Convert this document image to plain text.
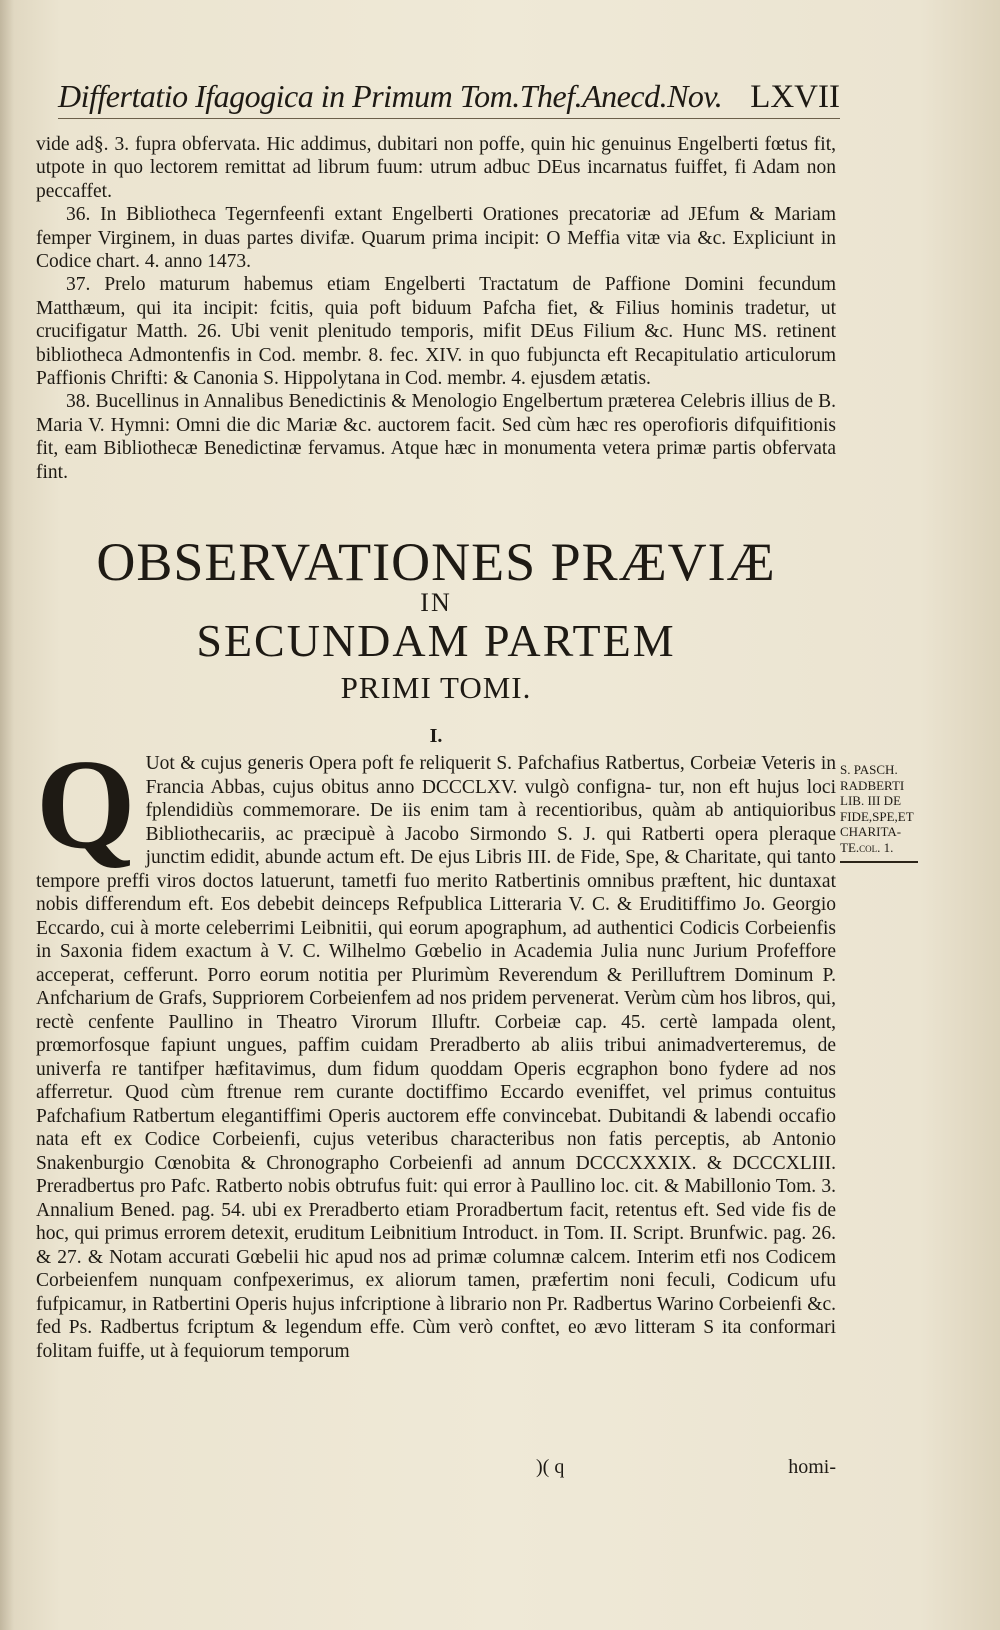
Differtatio Ifagogica in Primum Tom.Thef.Anecd.Nov. LXVII

vide ad§. 3. fupra obfervata. Hic addimus, dubitari non poffe, quin hic genuinus Engelberti fœtus fit, utpote in quo lectorem remittat ad librum fuum: utrum adbuc DEus incarnatus fuiffet, fi Adam non peccaffet.

36. In Bibliotheca Tegernfeenfi extant Engelberti Orationes precatoriæ ad JEfum & Mariam femper Virginem, in duas partes divifæ. Quarum prima incipit: O Meffia vitæ via &c. Expliciunt in Codice chart. 4. anno 1473.

37. Prelo maturum habemus etiam Engelberti Tractatum de Paffione Domini fecundum Matthæum, qui ita incipit: fcitis, quia poft biduum Pafcha fiet, & Filius hominis tradetur, ut crucifigatur Matth. 26. Ubi venit plenitudo temporis, mifit DEus Filium &c. Hunc MS. retinent bibliotheca Admontenfis in Cod. membr. 8. fec. XIV. in quo fubjuncta eft Recapitulatio articulorum Paffionis Chrifti: & Canonia S. Hippolytana in Cod. membr. 4. ejusdem ætatis.

38. Bucellinus in Annalibus Benedictinis & Menologio Engelbertum præterea Celebris illius de B. Maria V. Hymni: Omni die dic Mariæ &c. auctorem facit. Sed cùm hæc res operofioris difquifitionis fit, eam Bibliothecæ Benedictinæ fervamus. Atque hæc in monumenta vetera primæ partis obfervata fint.

OBSERVATIONES PRÆVIÆ
IN
SECUNDAM PARTEM
PRIMI TOMI.
I.
Q Uot & cujus generis Opera poft fe reliquerit S. Pafchafius Ratbertus, Corbeiæ Veteris in Francia Abbas, cujus obitus anno DCCCLXV. vulgò configna- tur, non eft hujus loci fplendidiùs commemorare. De iis enim tam à recentioribus, quàm ab antiquioribus Bibliothecariis, ac præcipuè à Jacobo Sirmondo S. J. qui Ratberti opera pleraque junctim edidit, abunde actum eft. De ejus Libris III. de Fide, Spe, & Charitate, qui tanto tempore preffi viros doctos latuerunt, tametfi fuo merito Ratbertinis omnibus præftent, hic duntaxat nobis differendum eft. Eos debebit deinceps Refpublica Litteraria V. C. & Eruditiffimo Jo. Georgio Eccardo, cui à morte celeberrimi Leibnitii, qui eorum apographum, ad authentici Codicis Corbeienfis in Saxonia fidem exactum à V. C. Wilhelmo Gœbelio in Academia Julia nunc Jurium Profeffore acceperat, cefferunt. Porro eorum notitia per Plurimùm Reverendum & Perilluftrem Dominum P. Anfcharium de Grafs, Suppriorem Corbeienfem ad nos pridem pervenerat. Verùm cùm hos libros, qui, rectè cenfente Paullino in Theatro Virorum Illuftr. Corbeiæ cap. 45. certè lampada olent, prœmorfosque fapiunt ungues, paffim cuidam Preradberto ab aliis tribui animadverteremus, de univerfa re tantifper hæfitavimus, dum fidum quoddam Operis ecgraphon bono fydere ad nos afferretur. Quod cùm ftrenue rem curante doctiffimo Eccardo eveniffet, vel primus contuitus Pafchafium Ratbertum elegantiffimi Operis auctorem effe convincebat. Dubitandi & labendi occafio nata eft ex Codice Corbeienfi, cujus veteribus characteribus non fatis perceptis, ab Antonio Snakenburgio Cœnobita & Chronographo Corbeienfi ad annum DCCCXXXIX. & DCCCXLIII. Preradbertus pro Pafc. Ratberto nobis obtrufus fuit: qui error à Paullino loc. cit. & Mabillonio Tom. 3. Annalium Bened. pag. 54. ubi ex Preradberto etiam Proradbertum facit, retentus eft. Sed vide fis de hoc, qui primus errorem detexit, eruditum Leibnitium Introduct. in Tom. II. Script. Brunfwic. pag. 26. & 27. & Notam accurati Gœbelii hic apud nos ad primæ columnæ calcem. Interim etfi nos Codicem Corbeienfem nunquam confpexerimus, ex aliorum tamen, præfertim noni feculi, Codicum ufu fufpicamur, in Ratbertini Operis hujus infcriptione à librario non Pr. Radbertus Warino Corbeienfi &c. fed Ps. Radbertus fcriptum & legendum effe. Cùm verò conftet, eo ævo litteram S ita conformari folitam fuiffe, ut à fequiorum temporum
S. PASCH.
RADBERTI
LIB. III DE
FIDE,SPE,ET
CHARITA-
TE.col. 1.
)( q	homi-
